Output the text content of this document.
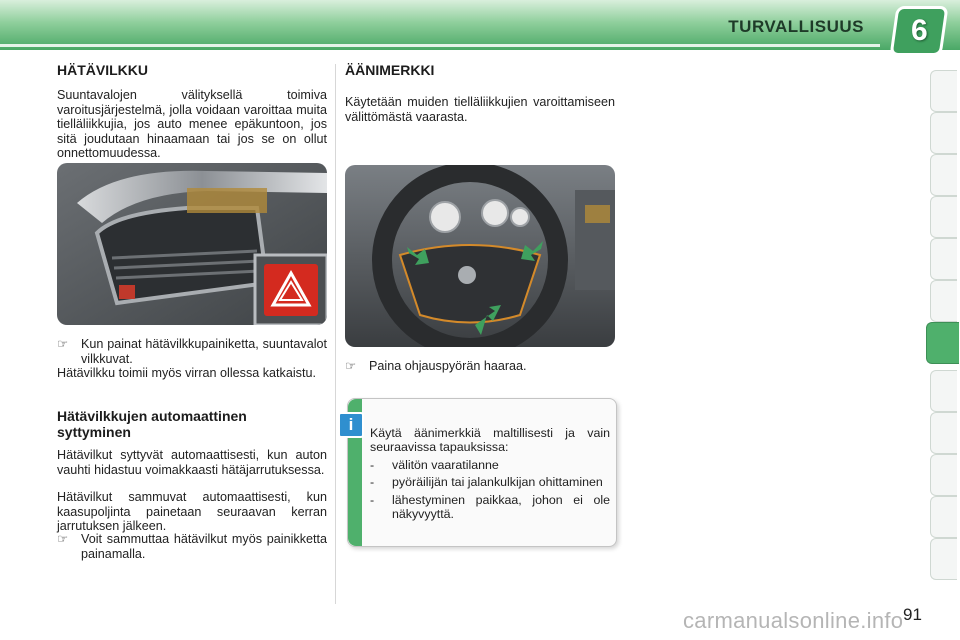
TURVALLISUUS 6
HÄTÄVILKKU
Suuntavalojen välityksellä toimiva varoitusjärjestelmä, jolla voidaan varoittaa muita tielläliikkujia, jos auto menee epäkuntoon, jos sitä joudutaan hinaamaan tai jos se on ollut onnettomuudessa.
☞	Kun painat hätävilkkupainiketta, suuntavalot vilkkuvat.
Hätävilkku toimii myös virran ollessa katkaistu.
Hätävilkkujen automaattinen
syttyminen
Hätävilkut syttyvät automaattisesti, kun auton vauhti hidastuu voimakkaasti hätäjarrutuksessa.
Hätävilkut sammuvat automaattisesti, kun kaasupoljinta painetaan seuraavan kerran jarrutuksen jälkeen.
☞	Voit sammuttaa hätävilkut myös painikketta painamalla.
ÄÄNIMERKKI
Käytetään muiden tielläliikkujien varoittamiseen välittömästä vaarasta.
☞	Paina ohjauspyörän haaraa.
i	Käytä äänimerkkiä maltillisesti ja vain seuraavissa tapauksissa:
-	välitön vaaratilanne
-	pyöräilijän tai jalankulkijan ohittaminen
-	lähestyminen paikkaa, johon ei ole näkyvyyttä.
carmanualsonline.info 91
